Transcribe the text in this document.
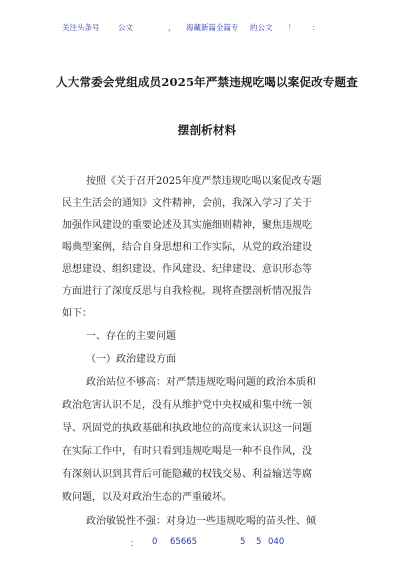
关注头条号 公文	， 海藏新篇全篇专 的公文 ！ ：
人大常委会党组成员2025年严禁违规吃喝以案促改专题查
摆剖析材料
按照《关于召开2025年度严禁违规吃喝以案促改专题
民主生活会的通知》文件精神，会前，我深入学习了关于
加强作风建设的重要论述及其实施细则精神，聚焦违规吃
喝典型案例，结合自身思想和工作实际，从党的政治建设
思想建设、组织建设、作风建设、纪律建设、意识形态等
方面进行了深度反思与自我检视。现将查摆剖析情况报告
如下：
一、存在的主要问题
（一）政治建设方面
政治站位不够高：对严禁违规吃喝问题的政治本质和
政治危害认识不足，没有从维护党中央权威和集中统一领
导、巩固党的执政基础和执政地位的高度来认识这一问题
在实际工作中，有时只看到违规吃喝是一种不良作风，没
有深刻认识到其背后可能隐藏的权钱交易、利益输送等腐
败问题，以及对政治生态的严重破坏。
政治敏锐性不强：对身边一些违规吃喝的苗头性、倾
： 0 65665	5 5 040
